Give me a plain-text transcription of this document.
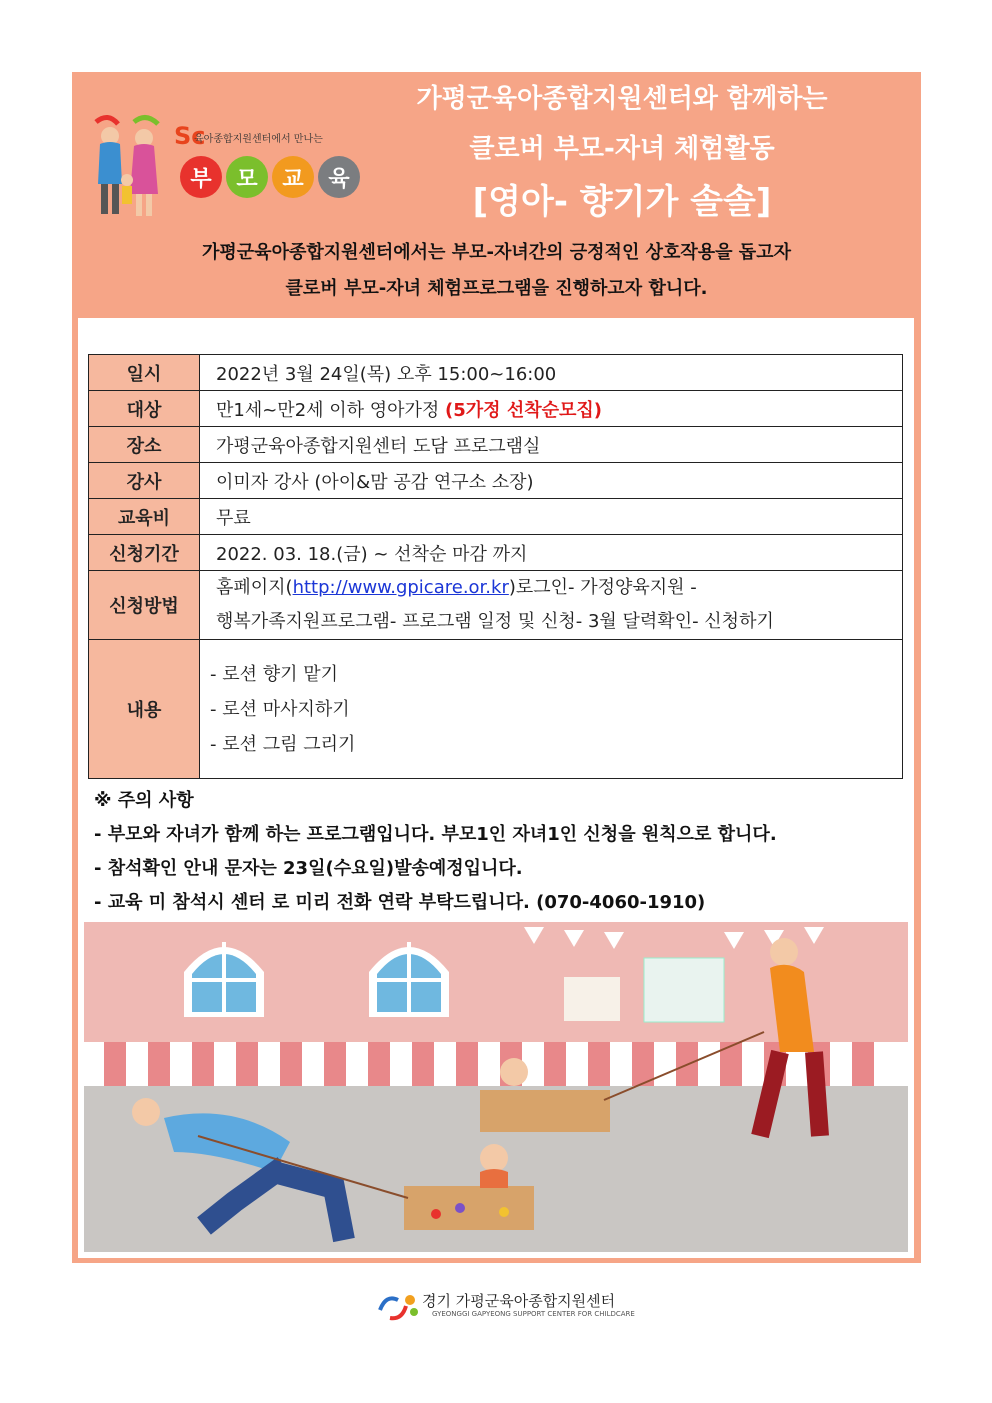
Sc
육아종합지원센터에서 만나는
부	모	교	육
가평군육아종합지원센터와 함께하는
클로버 부모-자녀 체험활동
[영아- 향기가 솔솔]
가평군육아종합지원센터에서는 부모-자녀간의 긍정적인 상호작용을 돕고자
클로버 부모-자녀 체험프로그램을 진행하고자 합니다.
일시	2022년 3월 24일(목) 오후 15:00~16:00
대상	만1세~만2세 이하 영아가정 (5가정 선착순모집)
장소	가평군육아종합지원센터 도담 프로그램실
강사	이미자 강사 (아이&맘 공감 연구소 소장)
교육비	무료
신청기간	2022. 03. 18.(금) ~ 선착순 마감 까지
신청방법	홈페이지(http://www.gpicare.or.kr)로그인- 가정양육지원 -
행복가족지원프로그램- 프로그램 일정 및 신청- 3월 달력확인- 신청하기

내용	- 로션 향기 맡기
- 로션 마사지하기
- 로션 그림 그리기
※ 주의 사항
- 부모와 자녀가 함께 하는 프로그램입니다. 부모1인 자녀1인 신청을 원칙으로 합니다.
- 참석확인 안내 문자는 23일(수요일)발송예정입니다.
- 교육 미 참석시 센터 로 미리 전화 연락 부탁드립니다. (070-4060-1910)
경기 가평군육아종합지원센터
GYEONGGI GAPYEONG SUPPORT CENTER FOR CHILDCARE
